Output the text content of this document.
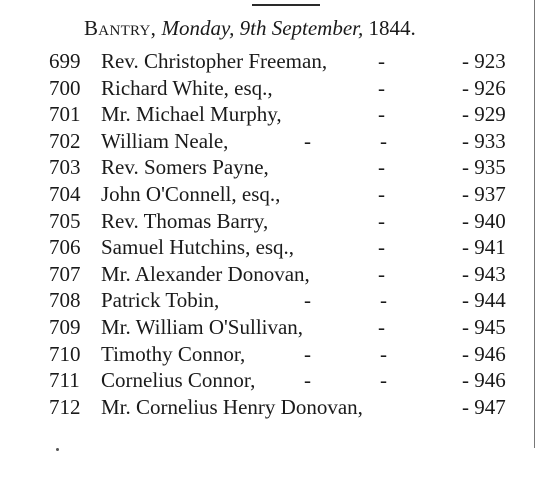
Bantry, Monday, 9th September, 1844.
699 Rev. Christopher Freeman, -	- 923
700 Richard White, esq.,	-	- 926
701 Mr. Michael Murphy,	-	- 929
702 William Neale,	-	-	- 933
703 Rev. Somers Payne,	-	- 935
704 John O'Connell, esq.,	-	- 937
705 Rev. Thomas Barry,	-	- 940
706 Samuel Hutchins, esq.,	-	- 941
707 Mr. Alexander Donovan,	-	- 943
708 Patrick Tobin,	-	-	- 944
709 Mr. William O'Sullivan,	-	- 945
710 Timothy Connor,	-	-	- 946
711 Cornelius Connor, -	-	- 946
712 Mr. Cornelius Henry Donovan,	- 947
